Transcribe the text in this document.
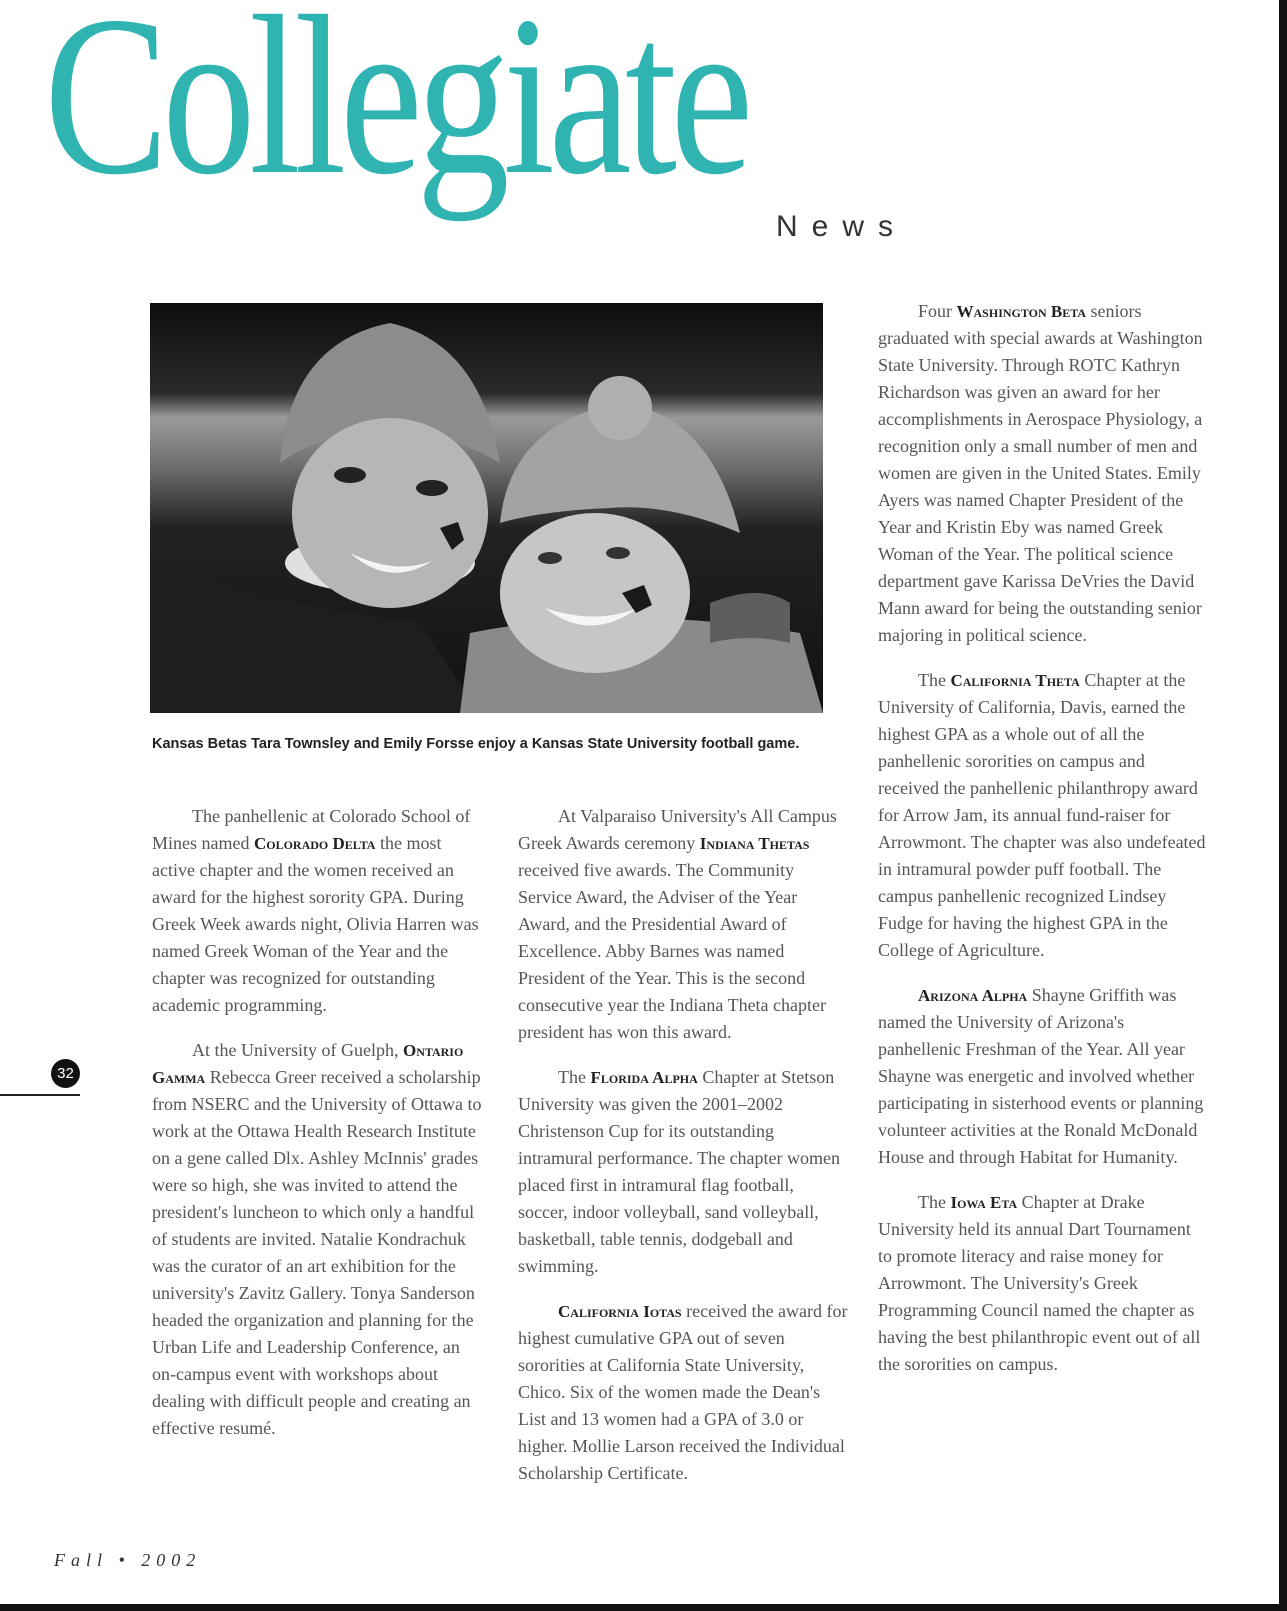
Collegiate
News
Kansas Betas Tara Townsley and Emily Forsse enjoy a Kansas State University football game.

The panhellenic at Colorado School of Mines named Colorado Delta the most active chapter and the women received an award for the highest sorority GPA. During Greek Week awards night, Olivia Harren was named Greek Woman of the Year and the chapter was recognized for outstanding academic programming.

At the University of Guelph, Ontario Gamma Rebecca Greer received a scholarship from NSERC and the University of Ottawa to work at the Ottawa Health Research Institute on a gene called Dlx. Ashley McInnis' grades were so high, she was invited to attend the president's luncheon to which only a handful of students are invited. Natalie Kondrachuk was the curator of an art exhibition for the university's Zavitz Gallery. Tonya Sanderson headed the organization and planning for the Urban Life and Leadership Conference, an on-campus event with workshops about dealing with difficult people and creating an effective resumé.

At Valparaiso University's All Campus Greek Awards ceremony Indiana Thetas received five awards. The Community Service Award, the Adviser of the Year Award, and the Presidential Award of Excellence. Abby Barnes was named President of the Year. This is the second consecutive year the Indiana Theta chapter president has won this award.

The Florida Alpha Chapter at Stetson University was given the 2001–2002 Christenson Cup for its outstanding intramural performance. The chapter women placed first in intramural flag football, soccer, indoor volleyball, sand volleyball, basketball, table tennis, dodgeball and swimming.

California Iotas received the award for highest cumulative GPA out of seven sororities at California State University, Chico. Six of the women made the Dean's List and 13 women had a GPA of 3.0 or higher. Mollie Larson received the Individual Scholarship Certificate.

Four Washington Beta seniors graduated with special awards at Washington State University. Through ROTC Kathryn Richardson was given an award for her accomplishments in Aerospace Physiology, a recognition only a small number of men and women are given in the United States. Emily Ayers was named Chapter President of the Year and Kristin Eby was named Greek Woman of the Year. The political science department gave Karissa DeVries the David Mann award for being the outstanding senior majoring in political science.

The California Theta Chapter at the University of California, Davis, earned the highest GPA as a whole out of all the panhellenic sororities on campus and received the panhellenic philanthropy award for Arrow Jam, its annual fund-raiser for Arrowmont. The chapter was also undefeated in intramural powder puff football. The campus panhellenic recognized Lindsey Fudge for having the highest GPA in the College of Agriculture.

Arizona Alpha Shayne Griffith was named the University of Arizona's panhellenic Freshman of the Year. All year Shayne was energetic and involved whether participating in sisterhood events or planning volunteer activities at the Ronald McDonald House and through Habitat for Humanity.

The Iowa Eta Chapter at Drake University held its annual Dart Tournament to promote literacy and raise money for Arrowmont. The University's Greek Programming Council named the chapter as having the best philanthropic event out of all the sororities on campus.

32
Fall • 2002
